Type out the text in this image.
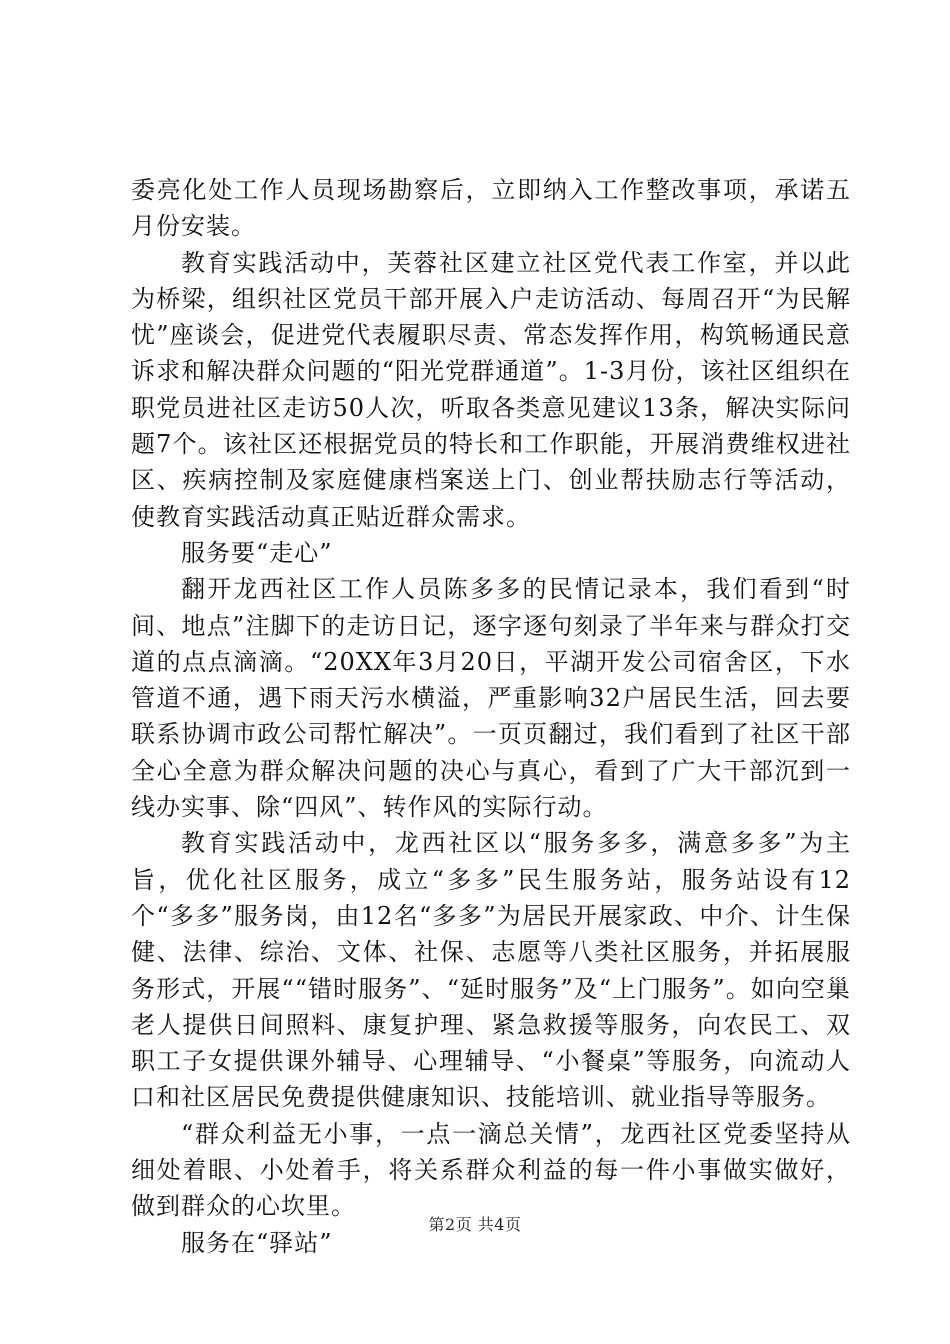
委亮化处工作人员现场勘察后，立即纳入工作整改事项，承诺五月份安装。

教育实践活动中，芙蓉社区建立社区党代表工作室，并以此为桥梁，组织社区党员干部开展入户走访活动、每周召开“为民解忧”座谈会，促进党代表履职尽责、常态发挥作用，构筑畅通民意诉求和解决群众问题的“阳光党群通道”。1-3月份，该社区组织在职党员进社区走访50人次，听取各类意见建议13条，解决实际问题7个。该社区还根据党员的特长和工作职能，开展消费维权进社区、疾病控制及家庭健康档案送上门、创业帮扶励志行等活动，使教育实践活动真正贴近群众需求。

服务要“走心”

翻开龙西社区工作人员陈多多的民情记录本，我们看到“时间、地点”注脚下的走访日记，逐字逐句刻录了半年来与群众打交道的点点滴滴。“20XX年3月20日，平湖开发公司宿舍区，下水管道不通，遇下雨天污水横溢，严重影响32户居民生活，回去要联系协调市政公司帮忙解决”。一页页翻过，我们看到了社区干部全心全意为群众解决问题的决心与真心，看到了广大干部沉到一线办实事、除“四风”、转作风的实际行动。

教育实践活动中，龙西社区以“服务多多，满意多多”为主旨，优化社区服务，成立“多多”民生服务站，服务站设有12个“多多”服务岗，由12名“多多”为居民开展家政、中介、计生保健、法律、综治、文体、社保、志愿等八类社区服务，并拓展服务形式，开展““错时服务”、“延时服务”及“上门服务”。如向空巢老人提供日间照料、康复护理、紧急救援等服务，向农民工、双职工子女提供课外辅导、心理辅导、“小餐桌”等服务，向流动人口和社区居民免费提供健康知识、技能培训、就业指导等服务。

“群众利益无小事，一点一滴总关情”，龙西社区党委坚持从细处着眼、小处着手，将关系群众利益的每一件小事做实做好，做到群众的心坎里。

服务在“驿站”

第2页 共4页
